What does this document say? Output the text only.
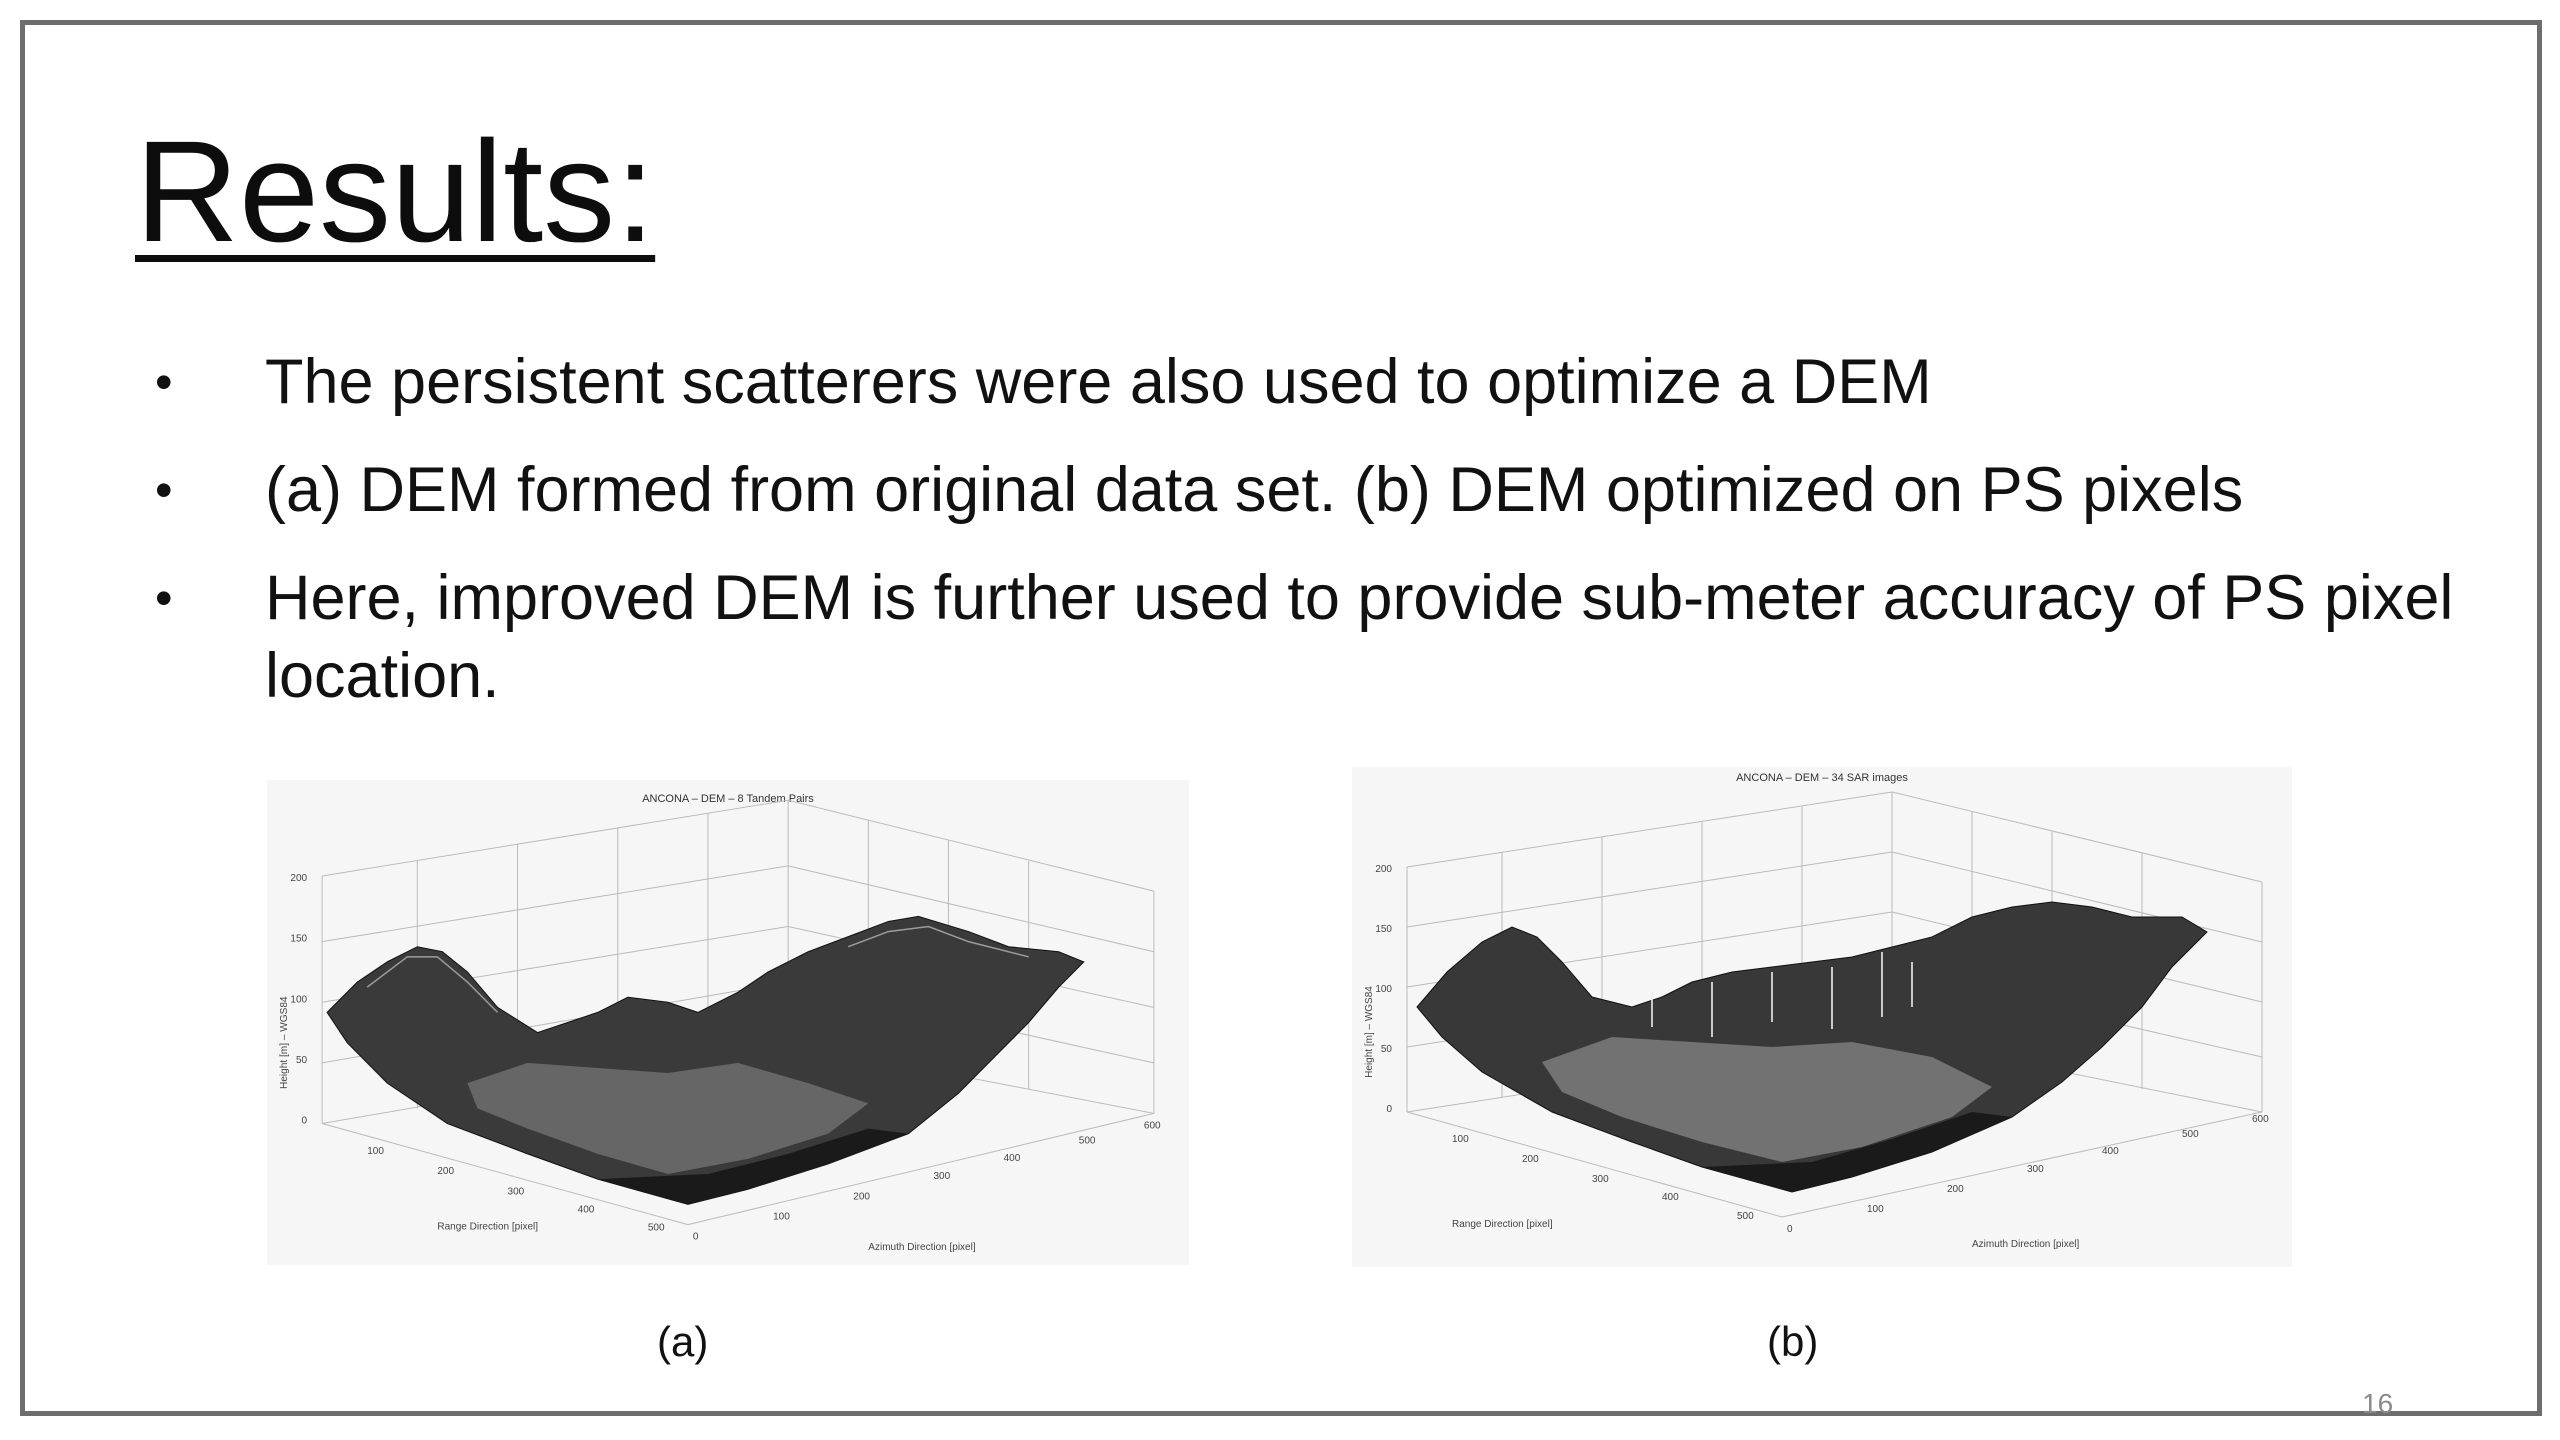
Results:
•	The persistent scatterers were also used to optimize a DEM
•	(a) DEM formed from original data set. (b) DEM optimized on PS pixels
•	Here, improved DEM is further used to provide sub-meter accuracy of PS pixel location.
ANCONA – DEM – 8 Tandem Pairs
200
150
100
50
0
100
200
300
400
500
0
100
200
300
400
500
600
Height [m] – WGS84
Range Direction [pixel]
Azimuth Direction [pixel]
ANCONA – DEM – 34 SAR images
200
150
100
50
0
100
200
300
400
500
0
100
200
300
400
500
600
Height [m] – WGS84
Range Direction [pixel]
Azimuth Direction [pixel]
(a)	(b)
16
